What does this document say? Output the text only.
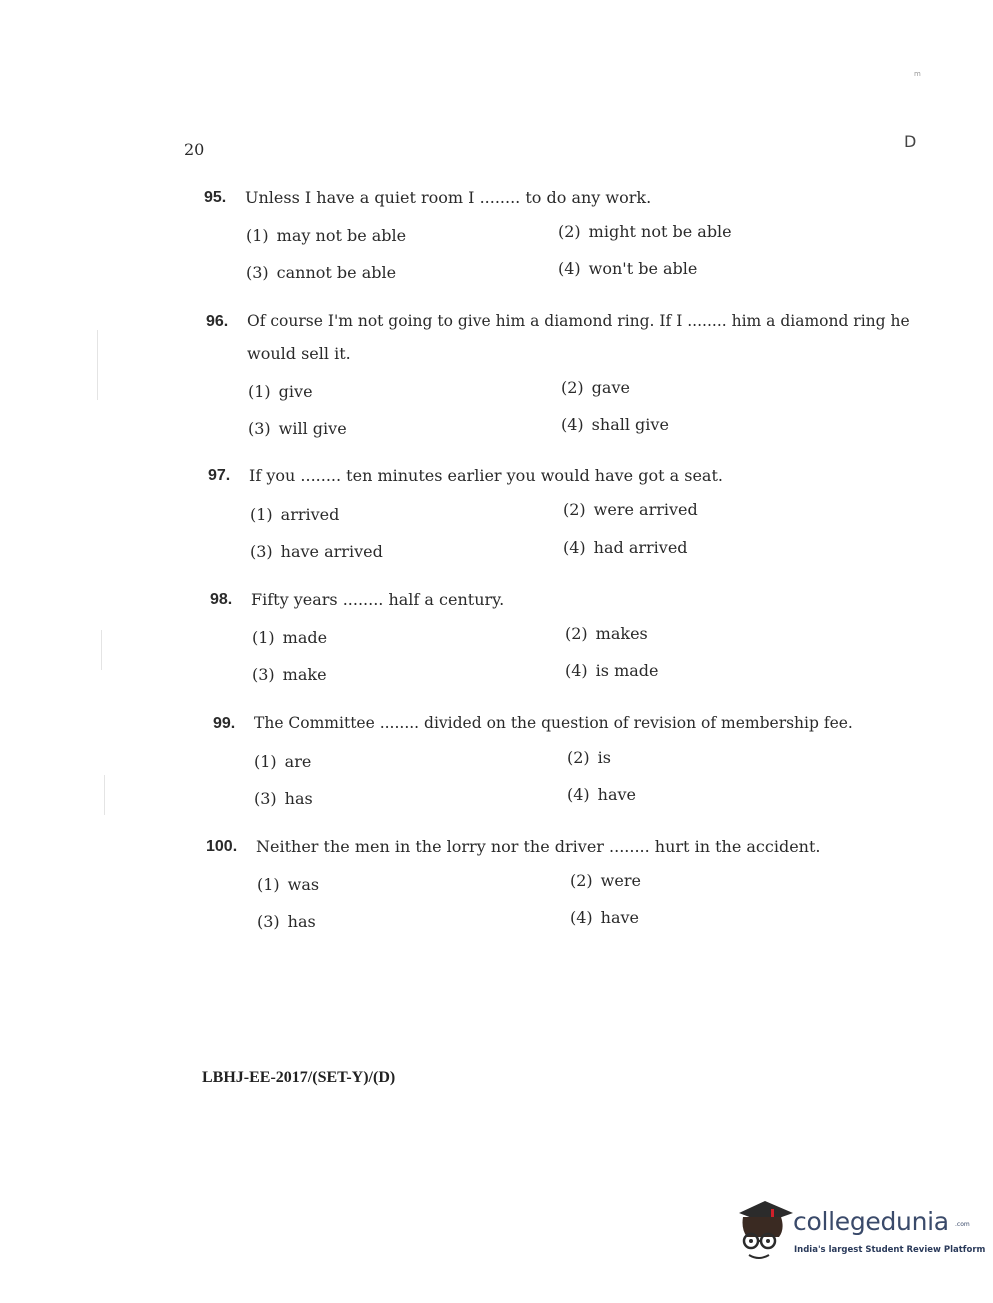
20	D
m
95. Unless I have a quiet room I ........ to do any work.
(1) may not be able	(2) might not be able
(3) cannot be able	(4) won't be able
96. Of course I'm not going to give him a diamond ring. If I ........ him a diamond ring he
would sell it.
(1) give	(2) gave
(3) will give	(4) shall give
97. If you ........ ten minutes earlier you would have got a seat.
(1) arrived	(2) were arrived
(3) have arrived	(4) had arrived
98. Fifty years ........ half a century.
(1) made	(2) makes
(3) make	(4) is made
99. The Committee ........ divided on the question of revision of membership fee.
(1) are	(2) is
(3) has	(4) have
100. Neither the men in the lorry nor the driver ........ hurt in the accident.
(1) was	(2) were
(3) has	(4) have
LBHJ-EE-2017/(SET-Y)/(D)
collegedunia .com
India's largest Student Review Platform
